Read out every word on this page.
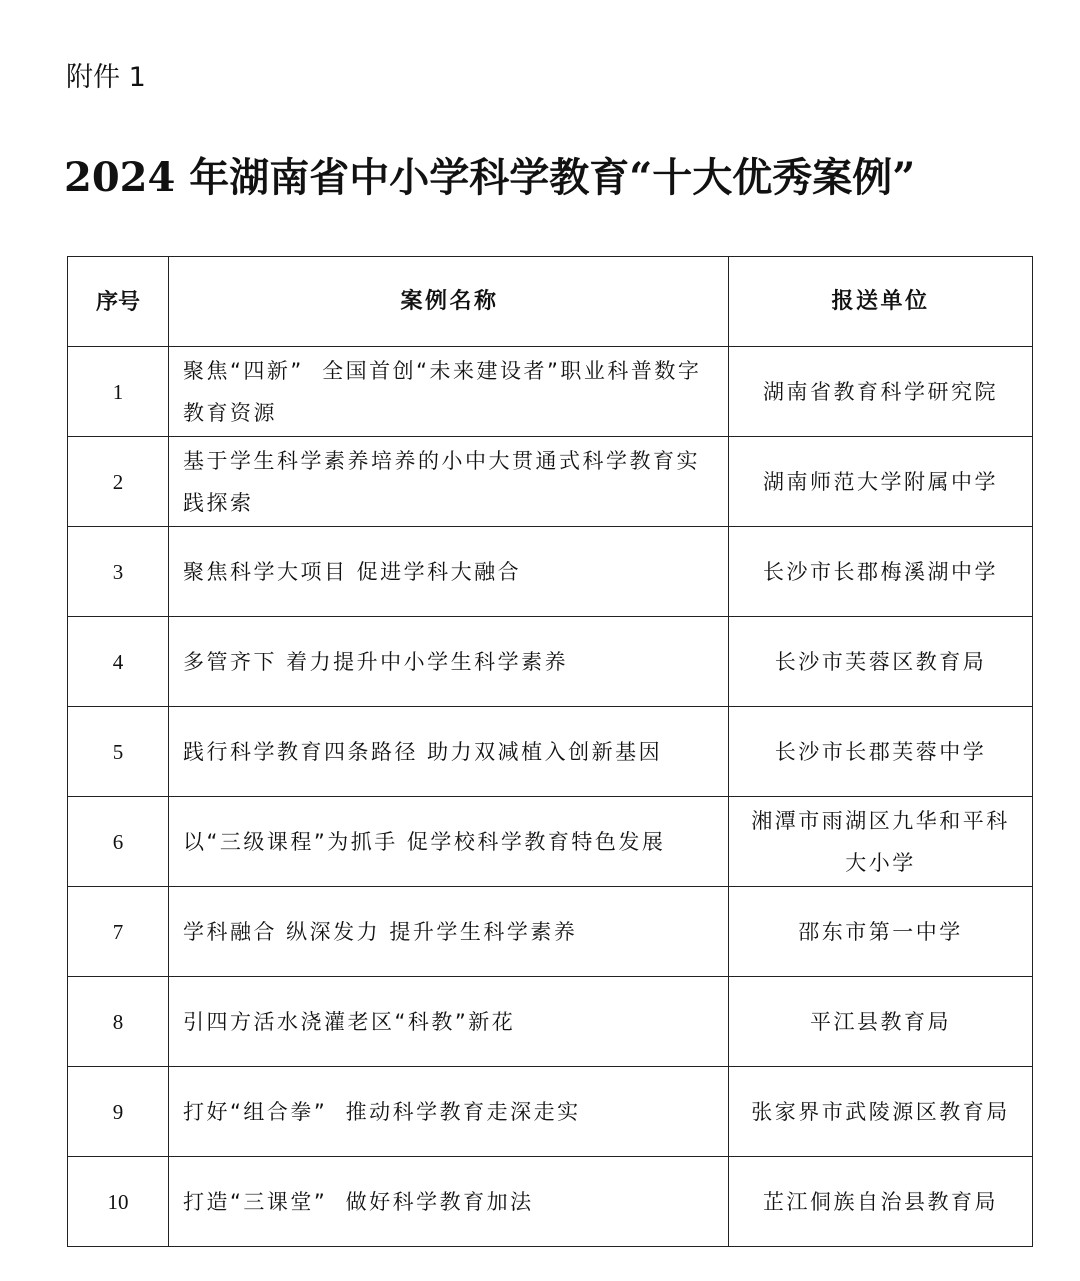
附件 1
2024 年湖南省中小学科学教育“十大优秀案例”
序号	案例名称	报送单位
1	聚焦“四新”  全国首创“未来建设者”职业科普数字教育资源	湖南省教育科学研究院
2	基于学生科学素养培养的小中大贯通式科学教育实践探索	湖南师范大学附属中学
3	聚焦科学大项目 促进学科大融合	长沙市长郡梅溪湖中学
4	多管齐下 着力提升中小学生科学素养	长沙市芙蓉区教育局
5	践行科学教育四条路径 助力双减植入创新基因	长沙市长郡芙蓉中学
6	以“三级课程”为抓手 促学校科学教育特色发展	湘潭市雨湖区九华和平科大小学
7	学科融合 纵深发力 提升学生科学素养	邵东市第一中学
8	引四方活水浇灌老区“科教”新花	平江县教育局
9	打好“组合拳”  推动科学教育走深走实	张家界市武陵源区教育局
10	打造“三课堂”  做好科学教育加法	芷江侗族自治县教育局
